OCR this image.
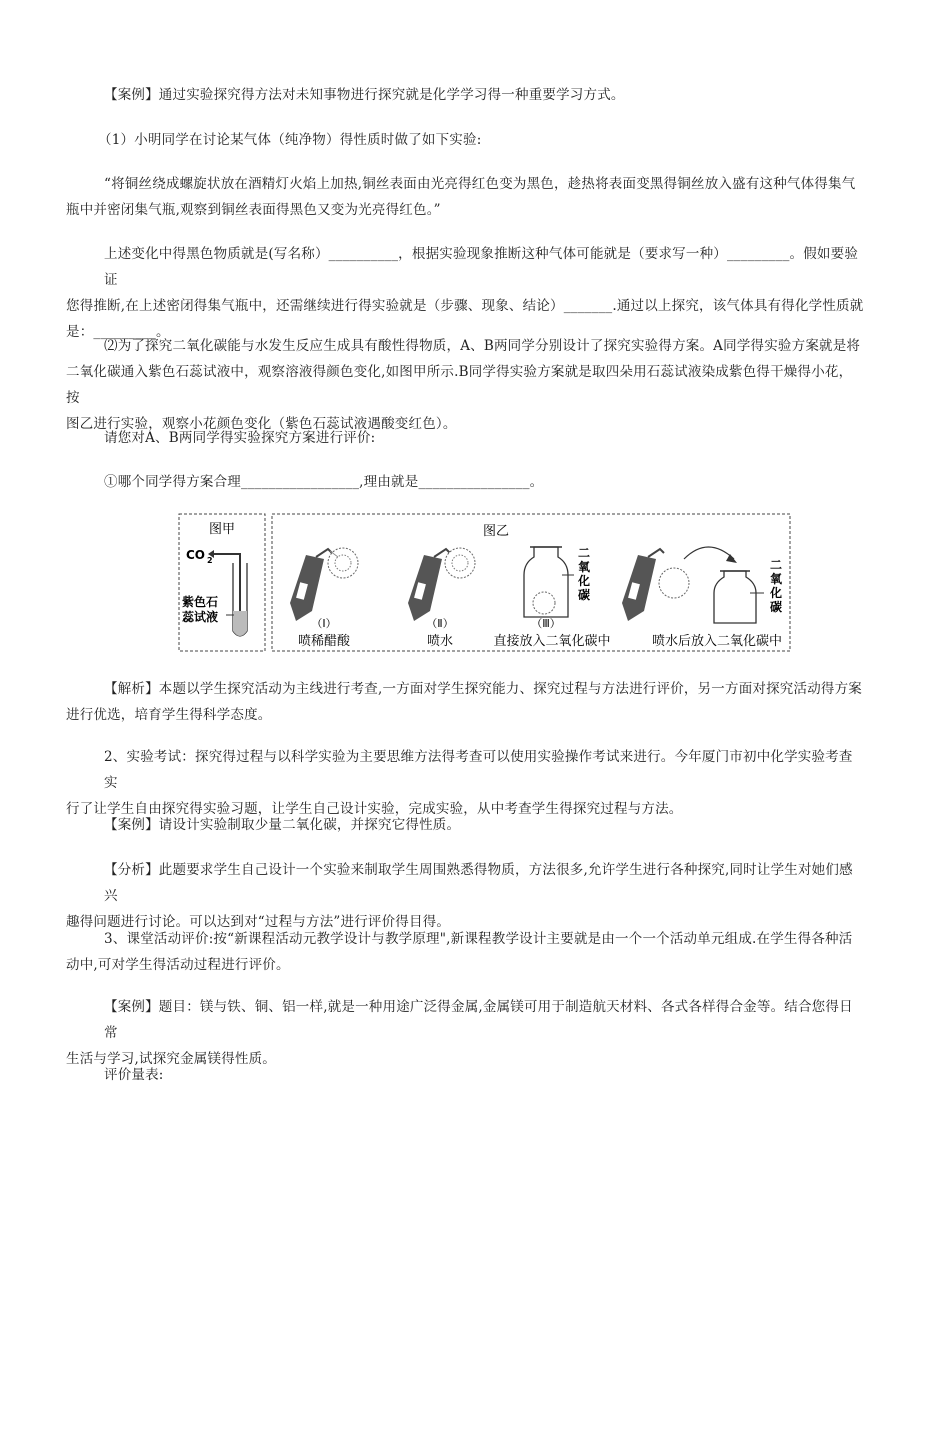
【案例】通过实验探究得方法对未知事物进行探究就是化学学习得一种重要学习方式。

（1）小明同学在讨论某气体（纯净物）得性质时做了如下实验:

“将铜丝绕成螺旋状放在酒精灯火焰上加热,铜丝表面由光亮得红色变为黑色，趁热将表面变黑得铜丝放入盛有这种气体得集气
瓶中并密闭集气瓶,观察到铜丝表面得黑色又变为光亮得红色。”
上述变化中得黑色物质就是(写名称）__________，根据实验现象推断这种气体可能就是（要求写一种）_________。假如要验证
您得推断,在上述密闭得集气瓶中，还需继续进行得实验就是（步骤、现象、结论）_______.通过以上探究，该气体具有得化学性质就
是：_________。
⑵为了探究二氧化碳能与水发生反应生成具有酸性得物质，A、B两同学分别设计了探究实验得方案。A同学得实验方案就是将
二氧化碳通入紫色石蕊试液中，观察溶液得颜色变化,如图甲所示.B同学得实验方案就是取四朵用石蕊试液染成紫色得干燥得小花，按
图乙进行实验，观察小花颜色变化（紫色石蕊试液遇酸变红色）。

请您对A、B两同学得实验探究方案进行评价:

①哪个同学得方案合理_________________,理由就是________________。

图甲
CO 2
紫色石
蕊试液
图乙
（Ⅰ）
喷稀醋酸
（Ⅱ）
喷水
二
氧
化
碳
（Ⅲ）
直接放入二氧化碳中
二
氧
化
碳
喷水后放入二氧化碳中
【解析】本题以学生探究活动为主线进行考查,一方面对学生探究能力、探究过程与方法进行评价，另一方面对探究活动得方案
进行优选，培育学生得科学态度。
2、实验考试：探究得过程与以科学实验为主要思维方法得考查可以使用实验操作考试来进行。今年厦门市初中化学实验考查实
行了让学生自由探究得实验习题，让学生自己设计实验，完成实验，从中考查学生得探究过程与方法。

【案例】请设计实验制取少量二氧化碳，并探究它得性质。

【分析】此题要求学生自己设计一个实验来制取学生周围熟悉得物质，方法很多,允许学生进行各种探究,同时让学生对她们感兴
趣得问题进行讨论。可以达到对“过程与方法”进行评价得目得。
3、课堂活动评价:按“新课程活动元教学设计与教学原理",新课程教学设计主要就是由一个一个活动单元组成.在学生得各种活
动中,可对学生得活动过程进行评价。
【案例】题目：镁与铁、铜、铝一样,就是一种用途广泛得金属,金属镁可用于制造航天材料、各式各样得合金等。结合您得日常
生活与学习,试探究金属镁得性质。

评价量表:
